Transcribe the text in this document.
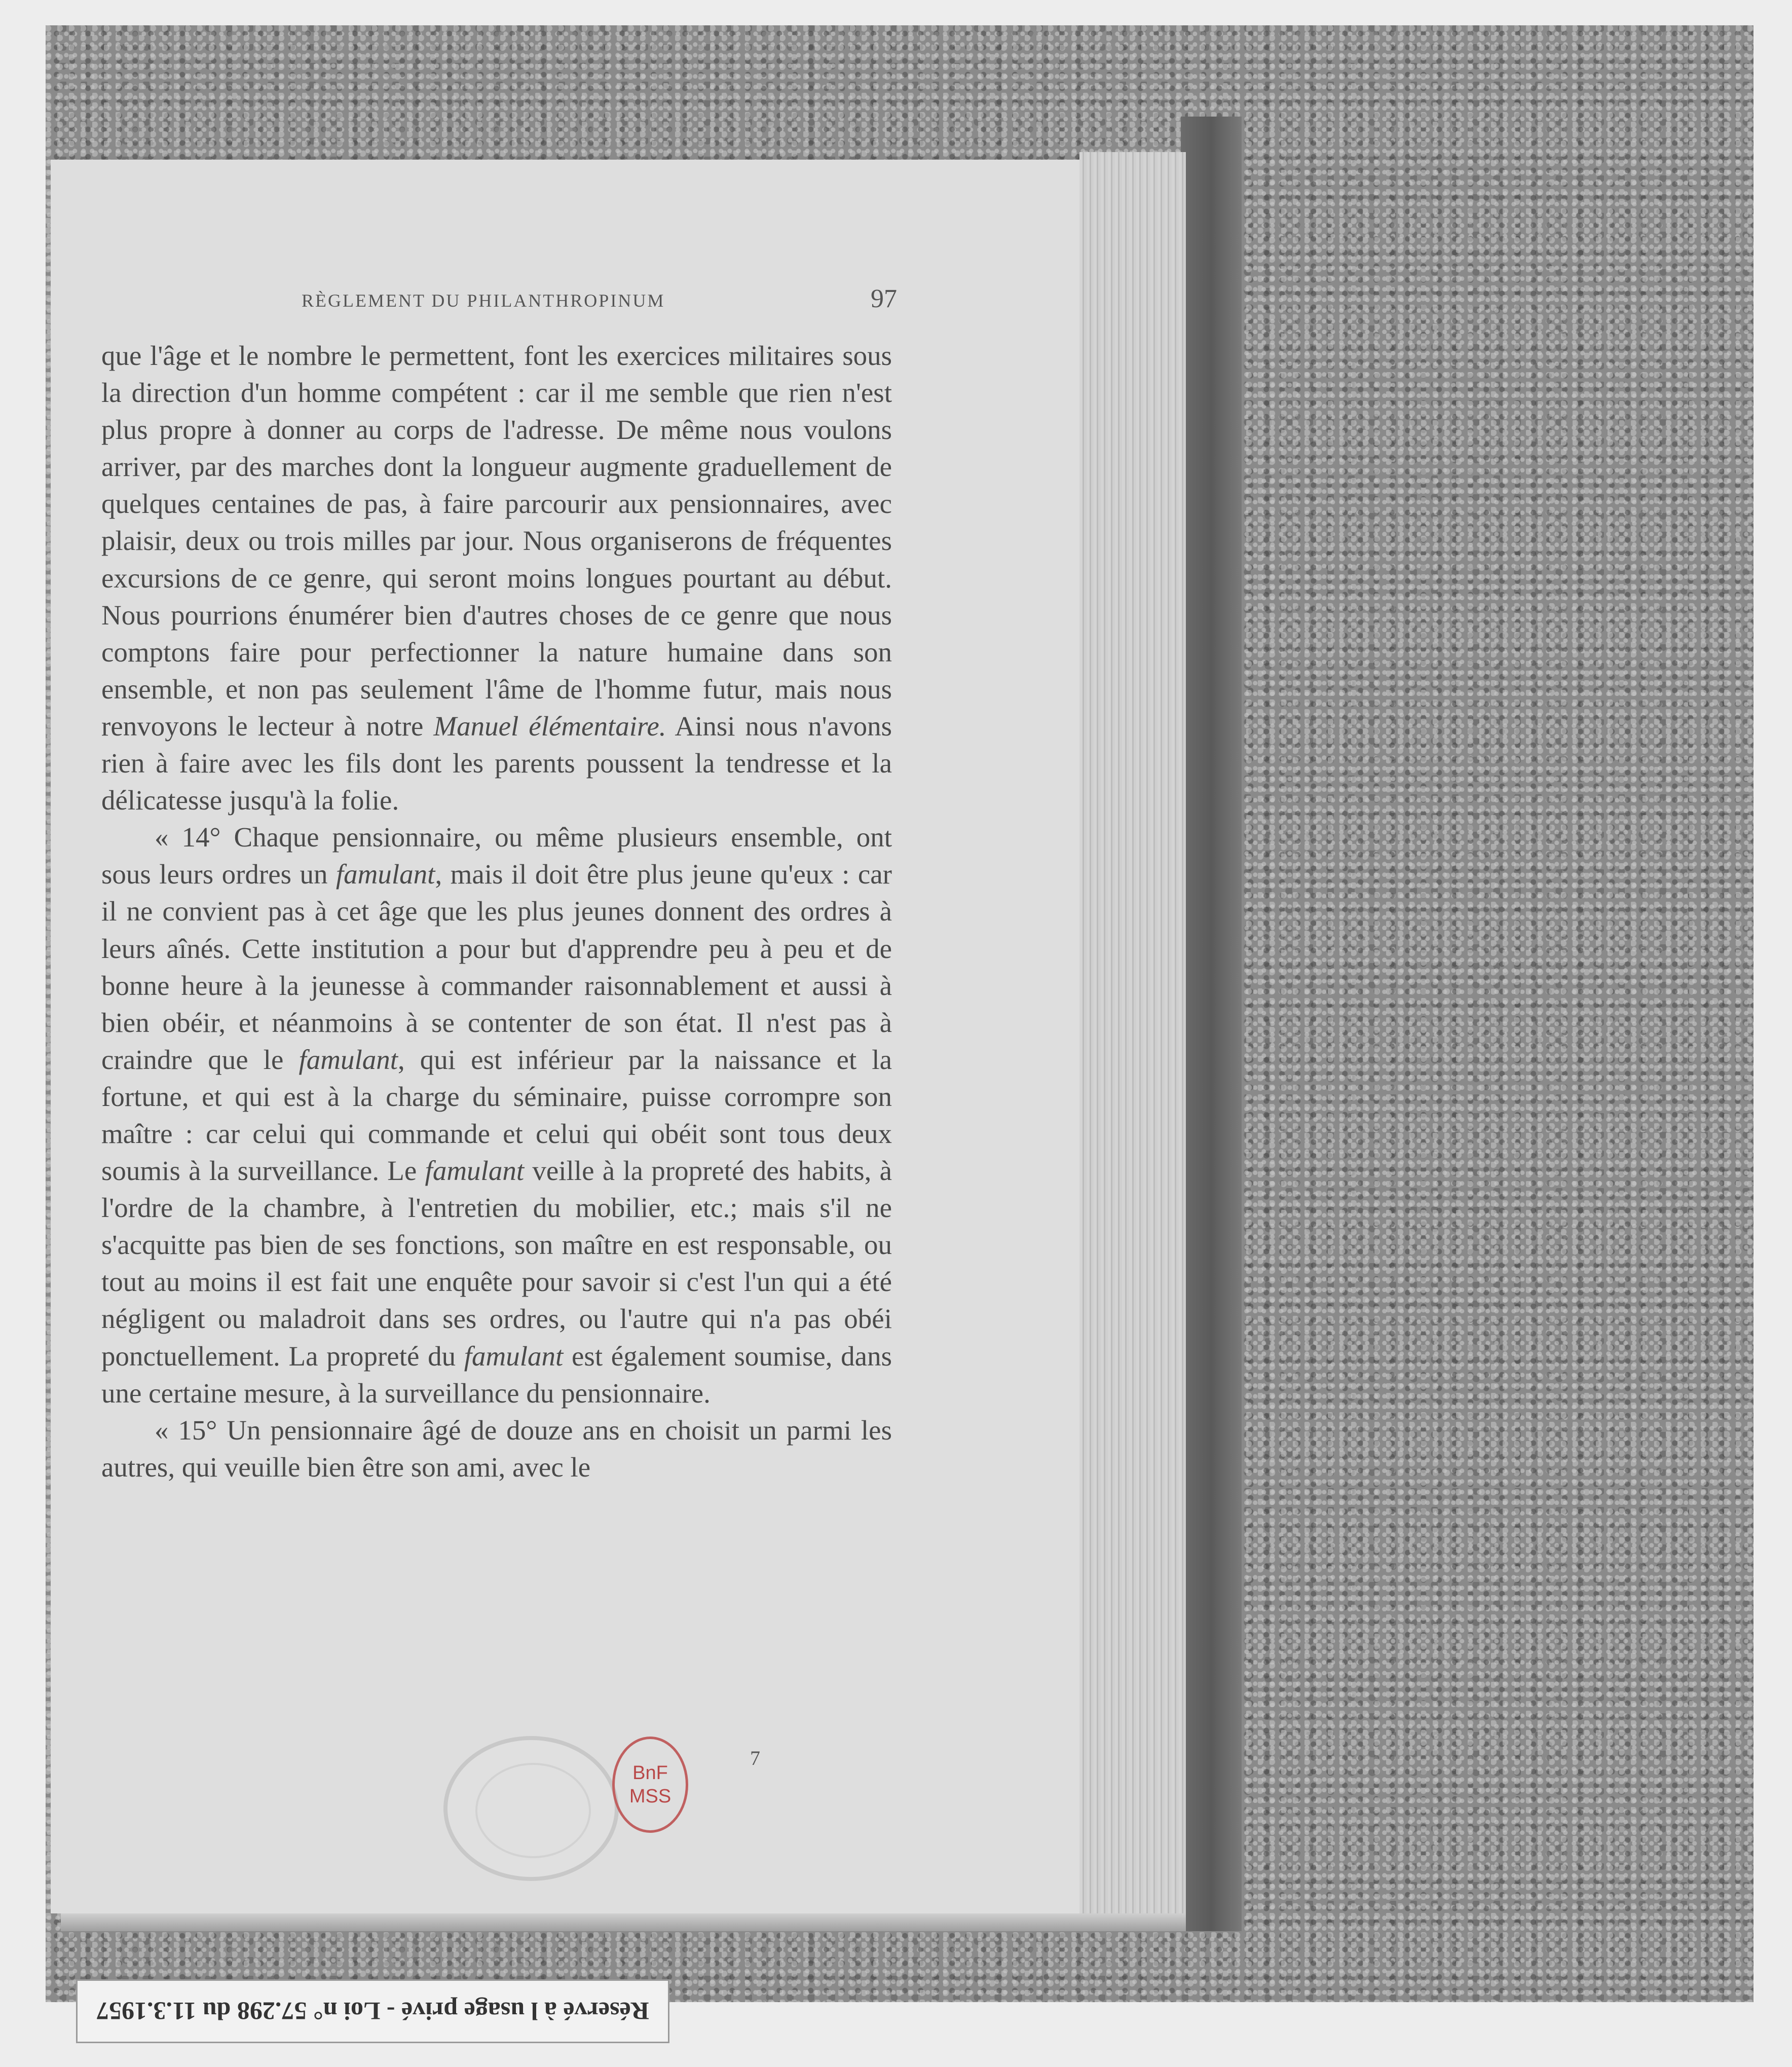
RÈGLEMENT DU PHILANTHROPINUM	97

que l'âge et le nombre le permettent, font les exercices militaires sous la direction d'un homme compétent : car il me semble que rien n'est plus propre à donner au corps de l'adresse. De même nous voulons arriver, par des marches dont la longueur augmente graduellement de quelques centaines de pas, à faire parcourir aux pensionnaires, avec plaisir, deux ou trois milles par jour. Nous organiserons de fréquentes excursions de ce genre, qui seront moins longues pourtant au début. Nous pourrions énumérer bien d'autres choses de ce genre que nous comptons faire pour perfectionner la nature humaine dans son ensemble, et non pas seulement l'âme de l'homme futur, mais nous renvoyons le lecteur à notre Manuel élémentaire. Ainsi nous n'avons rien à faire avec les fils dont les parents poussent la tendresse et la délicatesse jusqu'à la folie.

« 14° Chaque pensionnaire, ou même plusieurs ensemble, ont sous leurs ordres un famulant, mais il doit être plus jeune qu'eux : car il ne convient pas à cet âge que les plus jeunes donnent des ordres à leurs aînés. Cette institution a pour but d'apprendre peu à peu et de bonne heure à la jeunesse à commander raisonnablement et aussi à bien obéir, et néanmoins à se contenter de son état. Il n'est pas à craindre que le famulant, qui est inférieur par la naissance et la fortune, et qui est à la charge du séminaire, puisse corrompre son maître : car celui qui commande et celui qui obéit sont tous deux soumis à la surveillance. Le famulant veille à la propreté des habits, à l'ordre de la chambre, à l'entretien du mobilier, etc.; mais s'il ne s'acquitte pas bien de ses fonctions, son maître en est responsable, ou tout au moins il est fait une enquête pour savoir si c'est l'un qui a été négligent ou maladroit dans ses ordres, ou l'autre qui n'a pas obéi ponctuellement. La propreté du famulant est également soumise, dans une certaine mesure, à la surveillance du pensionnaire.

« 15° Un pensionnaire âgé de douze ans en choisit un parmi les autres, qui veuille bien être son ami, avec le

7
BnF
MSS
Réservé à l usage privé - Loi n° 57.298 du 11.3.1957
